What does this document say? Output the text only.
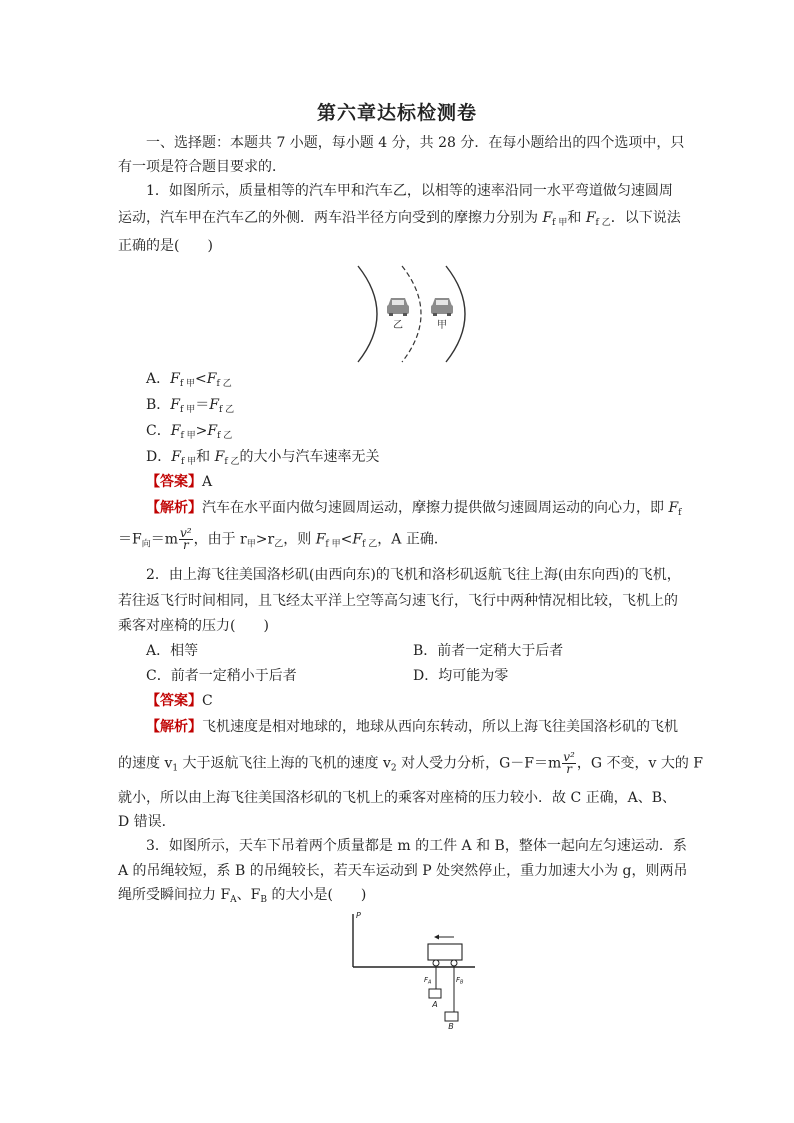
第六章达标检测卷
一、选择题：本题共 7 小题，每小题 4 分，共 28 分．在每小题给出的四个选项中，只
有一项是符合题目要求的．
1．如图所示，质量相等的汽车甲和汽车乙，以相等的速率沿同一水平弯道做匀速圆周
运动，汽车甲在汽车乙的外侧．两车沿半径方向受到的摩擦力分别为 $F_{f 甲}$和 $F_{f 乙}$．以下说法
正确的是(　　)
乙	甲
A．$F_{f 甲}<F_{f 乙}$
B．$F_{f 甲}=F_{f 乙}$
C．$F_{f 甲}>F_{f 乙}$
D．$F_{f 甲}$和 $F_{f 乙}$的大小与汽车速率无关
【答案】A
【解析】汽车在水平面内做匀速圆周运动，摩擦力提供做匀速圆周运动的向心力，即 $F_f$
$=F_向=m \frac{\text{v²}}{r}$ ，由于 $r_甲>r_乙$，则 $F_{f 甲}<F_{f 乙}$，A 正确．
2．由上海飞往美国洛杉矶(由西向东)的飞机和洛杉矶返航飞往上海(由东向西)的飞机，
若往返飞行时间相同，且飞经太平洋上空等高匀速飞行，飞行中两种情况相比较，飞机上的
乘客对座椅的压力(　　)
A．相等	B．前者一定稍大于后者
C．前者一定稍小于后者	D．均可能为零
【答案】C
【解析】飞机速度是相对地球的，地球从西向东转动，所以上海飞往美国洛杉矶的飞机
的速度 $v_1$ 大于返航飞往上海的飞机的速度 $v_2$ 对人受力分析，$G-F=m \frac{\text{v²}}{r}$ ，G 不变，v 大的 F
就小，所以由上海飞往美国洛杉矶的飞机上的乘客对座椅的压力较小．故 C 正确，A、B、
D 错误．
3．如图所示，天车下吊着两个质量都是 m 的工件 A 和 B，整体一起向左匀速运动．系
A 的吊绳较短，系 B 的吊绳较长，若天车运动到 P 处突然停止，重力加速大小为 g，则两吊
绳所受瞬间拉力 $F_A$、$F_B$ 的大小是(　　)
P
$F_A$	$F_B$
A
B
